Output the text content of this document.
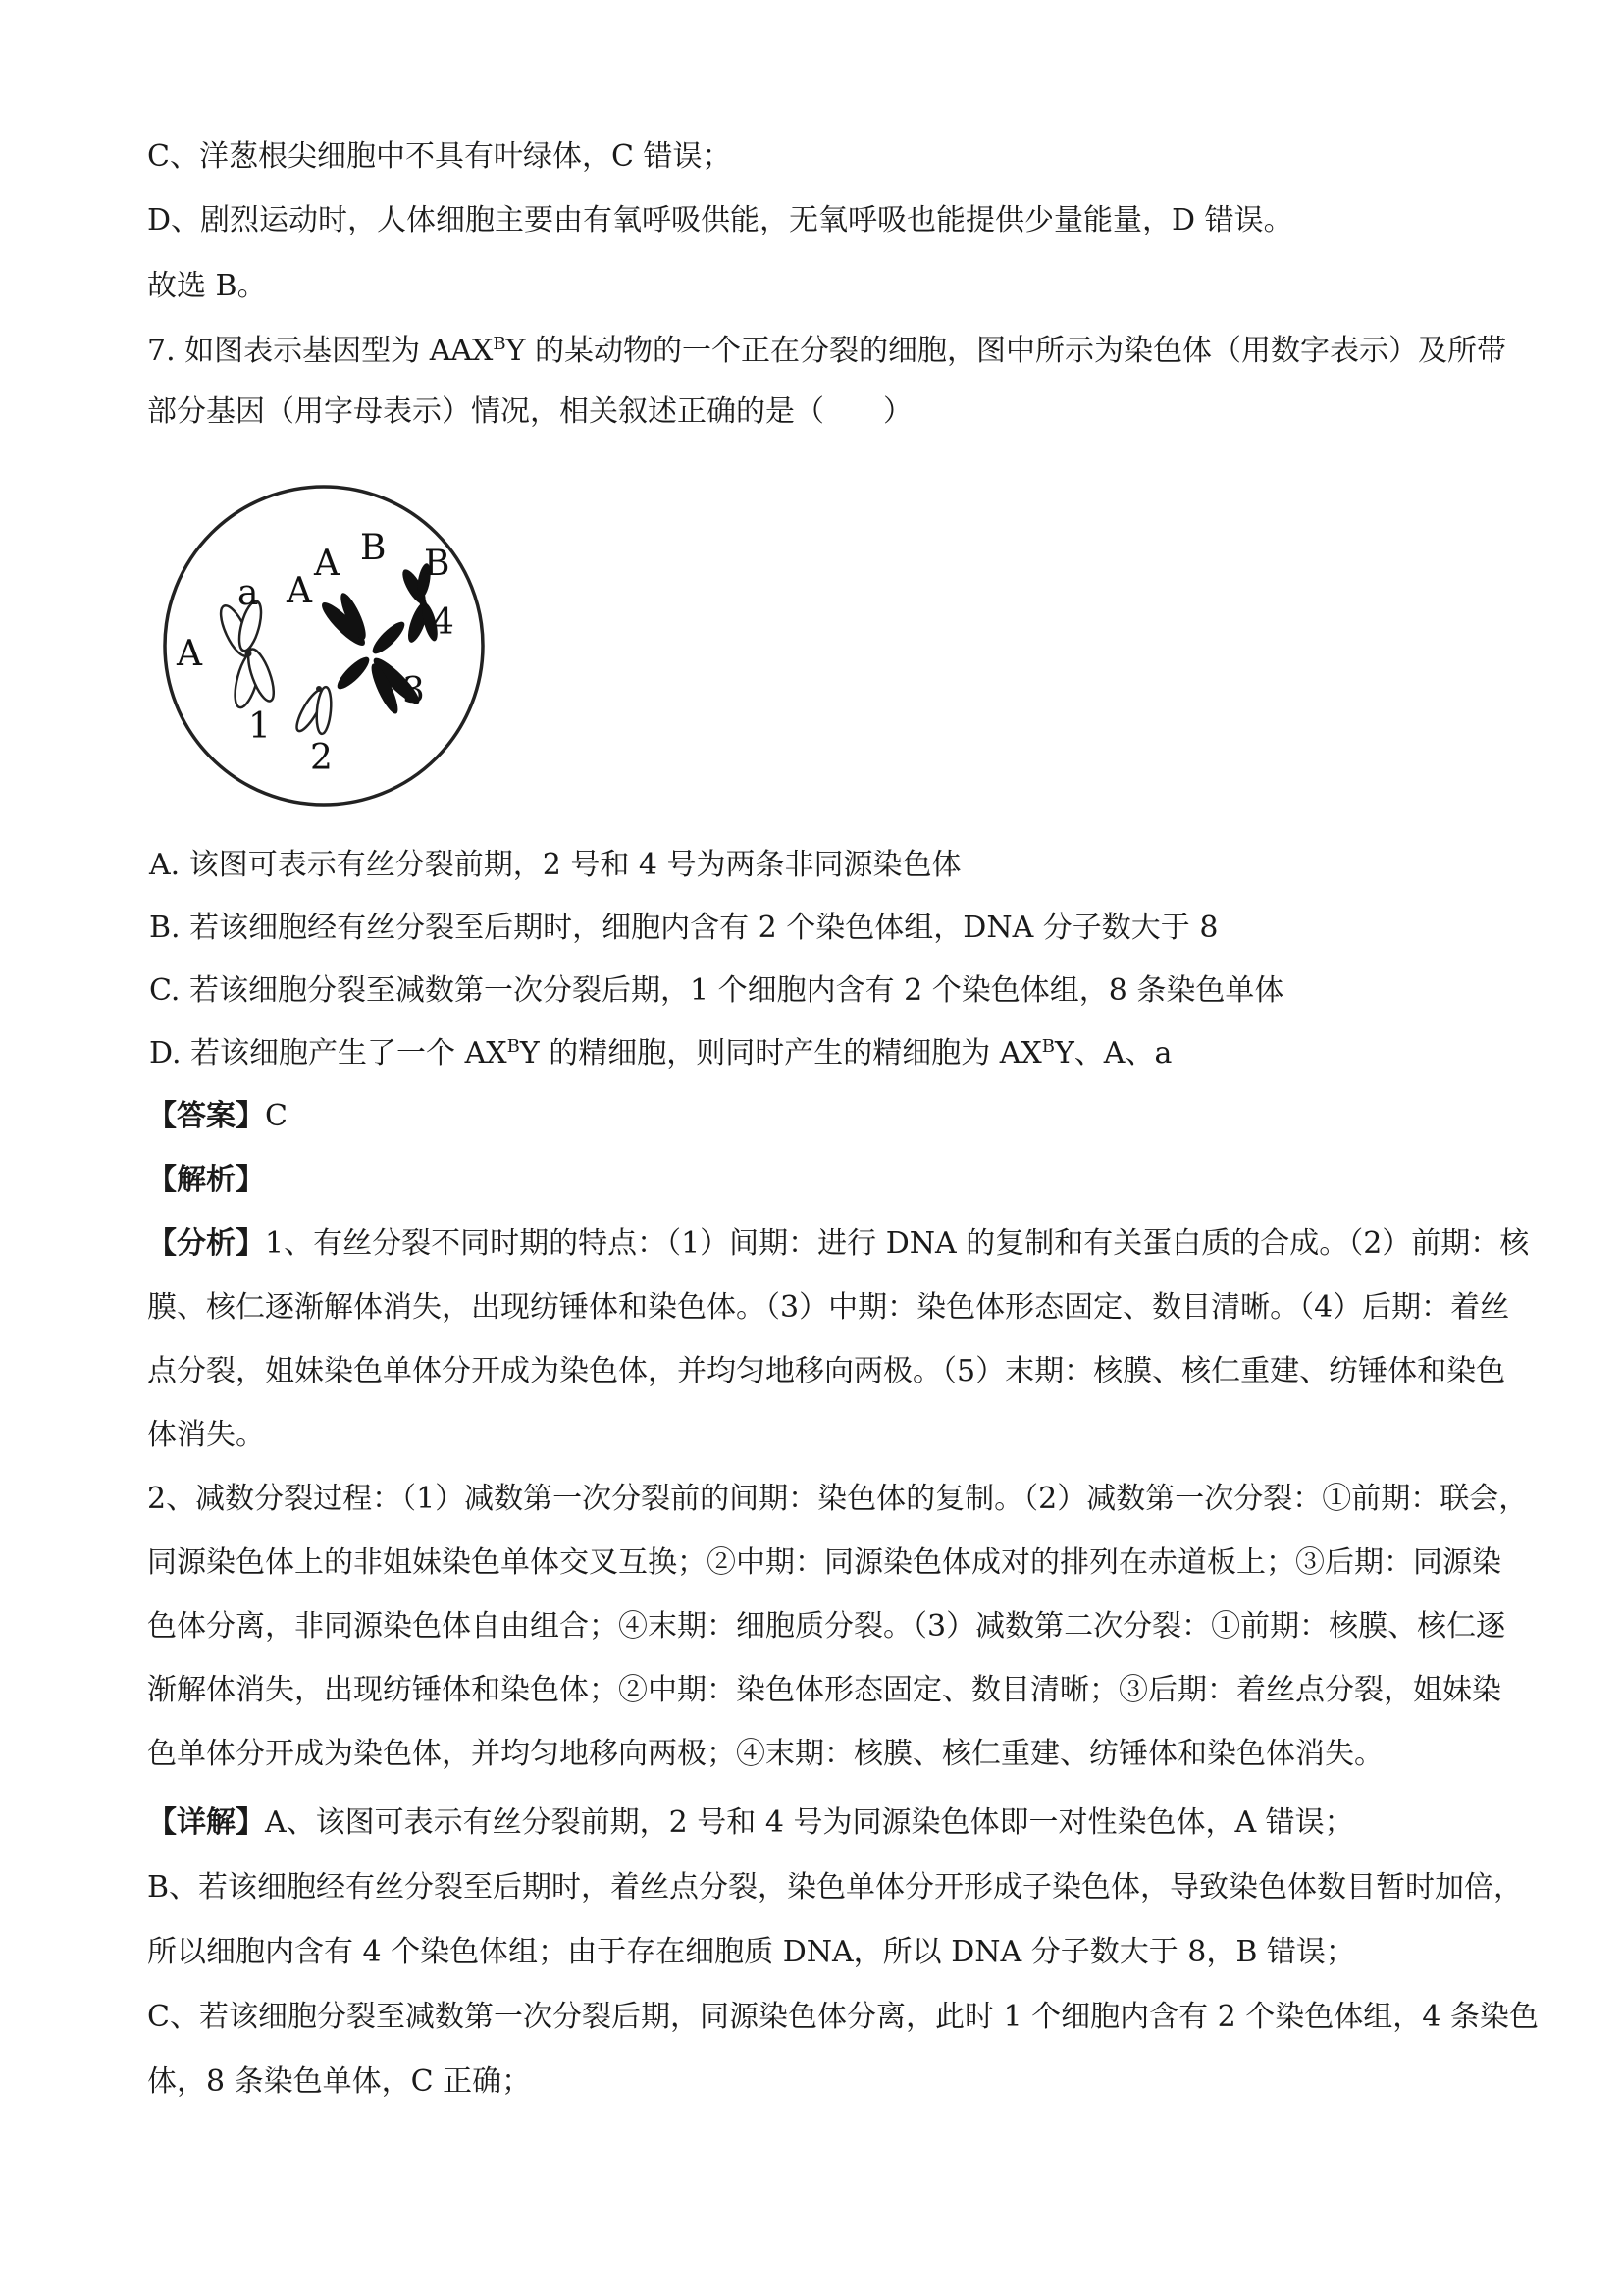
C、洋葱根尖细胞中不具有叶绿体，C 错误；
D、剧烈运动时，人体细胞主要由有氧呼吸供能，无氧呼吸也能提供少量能量，D 错误。
故选 B。
7. 如图表示基因型为 $AAX^BY$ 的某动物的一个正在分裂的细胞，图中所示为染色体（用数字表示）及所带
部分基因（用字母表示）情况，相关叙述正确的是（　　）
A
a A
A B B
4
3
1
2
A. 该图可表示有丝分裂前期，2 号和 4 号为两条非同源染色体
B. 若该细胞经有丝分裂至后期时，细胞内含有 2 个染色体组，DNA 分子数大于 8
C. 若该细胞分裂至减数第一次分裂后期，1 个细胞内含有 2 个染色体组，8 条染色单体
D. 若该细胞产生了一个 $AX^BY$ 的精细胞，则同时产生的精细胞为 $AX^BY$、A、a
【答案】C
【解析】
【分析】1、有丝分裂不同时期的特点：（1）间期：进行 DNA 的复制和有关蛋白质的合成。（2）前期：核
膜、核仁逐渐解体消失，出现纺锤体和染色体。（3）中期：染色体形态固定、数目清晰。（4）后期：着丝
点分裂，姐妹染色单体分开成为染色体，并均匀地移向两极。（5）末期：核膜、核仁重建、纺锤体和染色
体消失。
2、减数分裂过程：（1）减数第一次分裂前的间期：染色体的复制。（2）减数第一次分裂：①前期：联会，
同源染色体上的非姐妹染色单体交叉互换；②中期：同源染色体成对的排列在赤道板上；③后期：同源染
色体分离，非同源染色体自由组合；④末期：细胞质分裂。（3）减数第二次分裂：①前期：核膜、核仁逐
渐解体消失，出现纺锤体和染色体；②中期：染色体形态固定、数目清晰；③后期：着丝点分裂，姐妹染
色单体分开成为染色体，并均匀地移向两极；④末期：核膜、核仁重建、纺锤体和染色体消失。
【详解】A、该图可表示有丝分裂前期，2 号和 4 号为同源染色体即一对性染色体，A 错误；
B、若该细胞经有丝分裂至后期时，着丝点分裂，染色单体分开形成子染色体，导致染色体数目暂时加倍，
所以细胞内含有 4 个染色体组；由于存在细胞质 DNA，所以 DNA 分子数大于 8，B 错误；
C、若该细胞分裂至减数第一次分裂后期，同源染色体分离，此时 1 个细胞内含有 2 个染色体组，4 条染色
体，8 条染色单体，C 正确；
